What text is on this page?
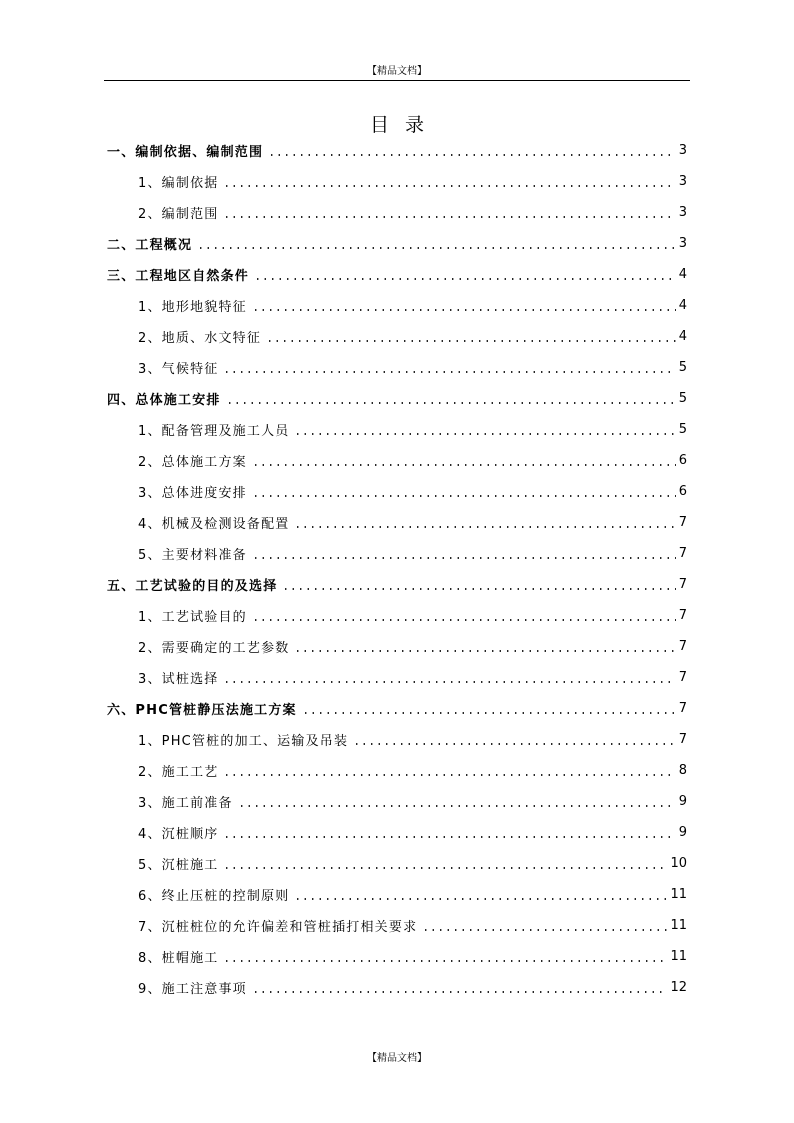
【精品文档】
目录
一、 编制依据、编制范围	3
1、 编制依据	3
2、 编制范围	3
二、 工程概况	3
三、 工程地区自然条件	4
1、 地形地貌特征	4
2、 地质、水文特征	4
3、 气候特征	5
四、 总体施工安排	5
1、 配备管理及施工人员	5
2、 总体施工方案	6
3、 总体进度安排	6
4、 机械及检测设备配置	7
5、 主要材料准备	7
五、 工艺试验的目的及选择	7
1、 工艺试验目的	7
2、 需要确定的工艺参数	7
3、 试桩选择	7
六、 PHC管桩静压法施工方案	7
1、 PHC管桩的加工、运输及吊装	7
2、 施工工艺	8
3、 施工前准备	9
4、 沉桩顺序	9
5、 沉桩施工	10
6、 终止压桩的控制原则	11
7、 沉桩桩位的允许偏差和管桩插打相关要求	11
8、 桩帽施工	11
9、 施工注意事项	12
【精品文档】
